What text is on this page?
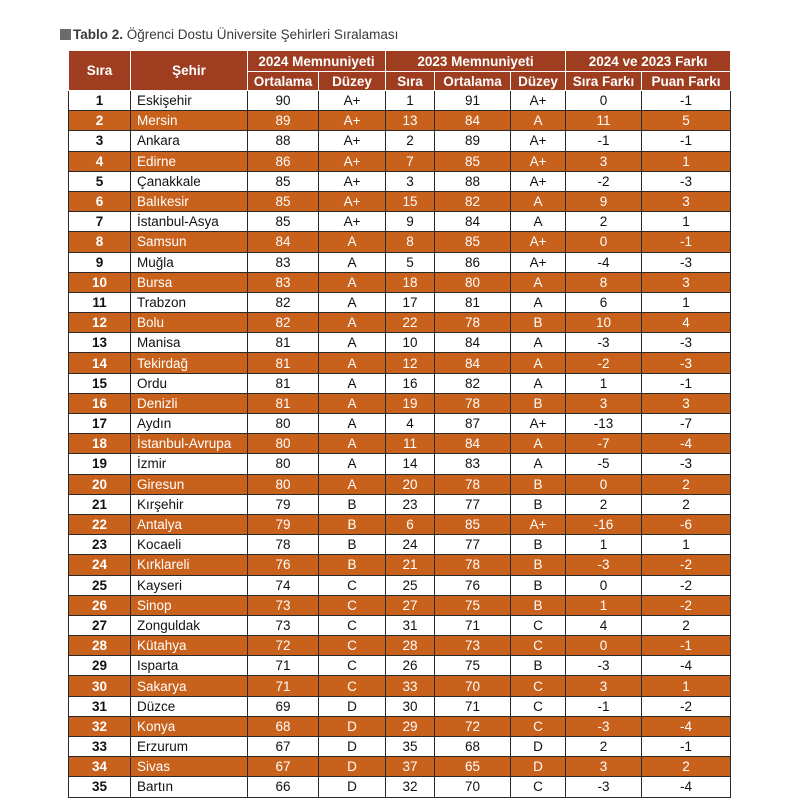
Tablo 2. Öğrenci Dostu Üniversite Şehirleri Sıralaması
Sıra	Şehir	2024 Memnuniyeti		2023 Memnuniyeti			2024 ve 2023 Farkı	
		Ortalama	Düzey	Sıra	Ortalama	Düzey	Sıra Farkı	Puan Farkı
1	Eskişehir	90	A+	1	91	A+	0	-1
2	Mersin	89	A+	13	84	A	11	5
3	Ankara	88	A+	2	89	A+	-1	-1
4	Edirne	86	A+	7	85	A+	3	1
5	Çanakkale	85	A+	3	88	A+	-2	-3
6	Balıkesir	85	A+	15	82	A	9	3
7	İstanbul-Asya	85	A+	9	84	A	2	1
8	Samsun	84	A	8	85	A+	0	-1
9	Muğla	83	A	5	86	A+	-4	-3
10	Bursa	83	A	18	80	A	8	3
11	Trabzon	82	A	17	81	A	6	1
12	Bolu	82	A	22	78	B	10	4
13	Manisa	81	A	10	84	A	-3	-3
14	Tekirdağ	81	A	12	84	A	-2	-3
15	Ordu	81	A	16	82	A	1	-1
16	Denizli	81	A	19	78	B	3	3
17	Aydın	80	A	4	87	A+	-13	-7
18	İstanbul-Avrupa	80	A	11	84	A	-7	-4
19	İzmir	80	A	14	83	A	-5	-3
20	Giresun	80	A	20	78	B	0	2
21	Kırşehir	79	B	23	77	B	2	2
22	Antalya	79	B	6	85	A+	-16	-6
23	Kocaeli	78	B	24	77	B	1	1
24	Kırklareli	76	B	21	78	B	-3	-2
25	Kayseri	74	C	25	76	B	0	-2
26	Sinop	73	C	27	75	B	1	-2
27	Zonguldak	73	C	31	71	C	4	2
28	Kütahya	72	C	28	73	C	0	-1
29	Isparta	71	C	26	75	B	-3	-4
30	Sakarya	71	C	33	70	C	3	1
31	Düzce	69	D	30	71	C	-1	-2
32	Konya	68	D	29	72	C	-3	-4
33	Erzurum	67	D	35	68	D	2	-1
34	Sivas	67	D	37	65	D	3	2
35	Bartın	66	D	32	70	C	-3	-4
